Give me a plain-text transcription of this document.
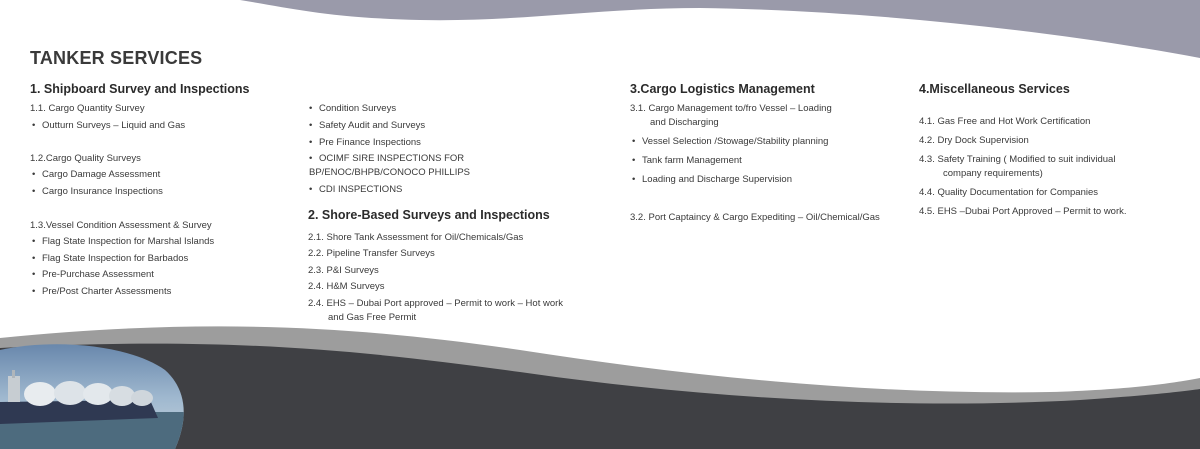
TANKER SERVICES
1. Shipboard Survey and Inspections
1.1. Cargo Quantity Survey
• Outturn Surveys – Liquid and Gas
1.2.Cargo Quality Surveys
• Cargo Damage Assessment
• Cargo Insurance Inspections
1.3.Vessel Condition Assessment & Survey
• Flag State Inspection for Marshal Islands
• Flag State Inspection for Barbados
• Pre-Purchase Assessment
• Pre/Post Charter Assessments
• Condition Surveys
• Safety Audit and Surveys
• Pre Finance Inspections
• OCIMF SIRE INSPECTIONS FOR
BP/ENOC/BHPB/CONOCO PHILLIPS
• CDI INSPECTIONS
2. Shore-Based Surveys and Inspections
2.1. Shore Tank Assessment for Oil/Chemicals/Gas
2.2. Pipeline Transfer Surveys
2.3. P&I Surveys
2.4. H&M Surveys
2.4. EHS – Dubai Port approved – Permit to work – Hot work
and Gas Free Permit
3.Cargo Logistics Management
3.1. Cargo Management to/fro Vessel – Loading
and Discharging
• Vessel Selection /Stowage/Stability planning
• Tank farm Management
• Loading and Discharge Supervision
3.2. Port Captaincy & Cargo Expediting – Oil/Chemical/Gas
4.Miscellaneous Services
4.1. Gas Free and Hot Work Certification
4.2. Dry Dock Supervision
4.3. Safety Training ( Modified to suit individual
company requirements)
4.4. Quality Documentation for Companies
4.5. EHS –Dubai Port Approved – Permit to work.
